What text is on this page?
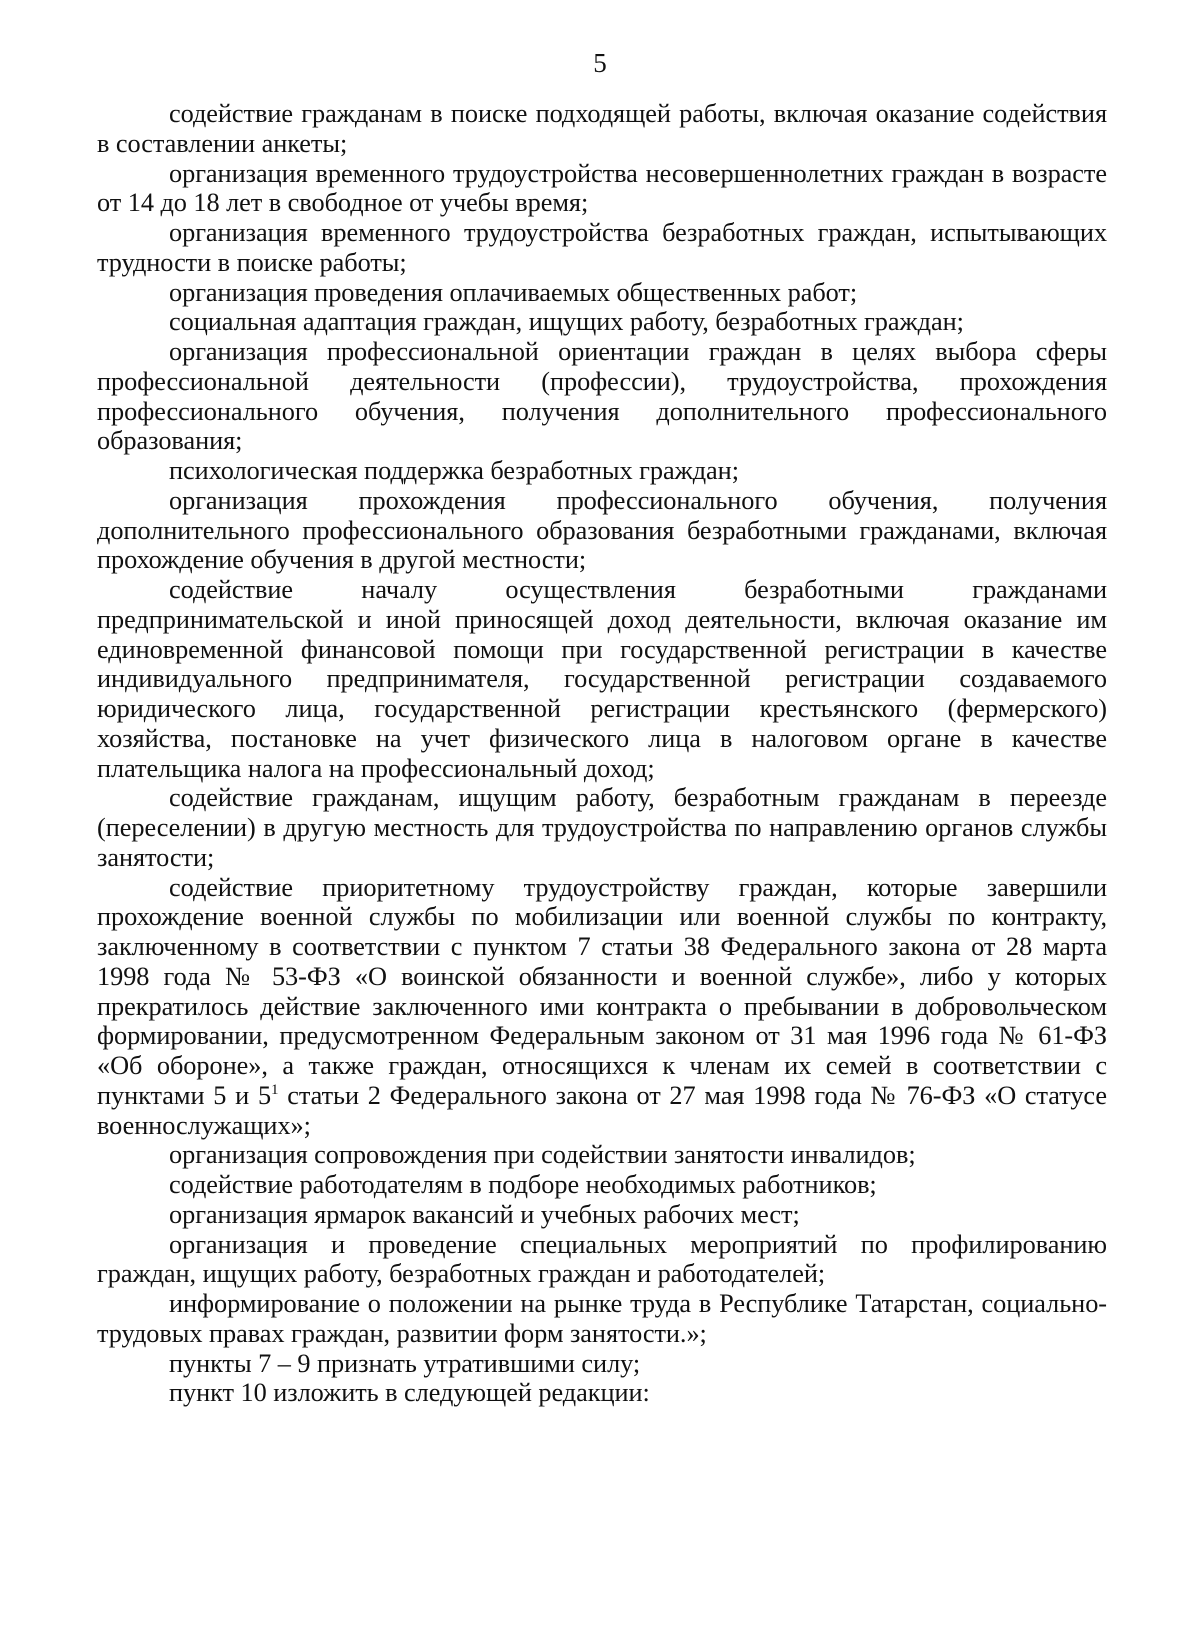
5

содействие гражданам в поиске подходящей работы, включая оказание содействия в составлении анкеты;

организация временного трудоустройства несовершеннолетних граждан в возрасте от 14 до 18 лет в свободное от учебы время;

организация временного трудоустройства безработных граждан, испытывающих трудности в поиске работы;

организация проведения оплачиваемых общественных работ;

социальная адаптация граждан, ищущих работу, безработных граждан;

организация профессиональной ориентации граждан в целях выбора сферы профессиональной деятельности (профессии), трудоустройства, прохождения профессионального обучения, получения дополнительного профессионального образования;

психологическая поддержка безработных граждан;

организация прохождения профессионального обучения, получения дополнительного профессионального образования безработными гражданами, включая прохождение обучения в другой местности;

содействие началу осуществления безработными гражданами предпринимательской и иной приносящей доход деятельности, включая оказание им единовременной финансовой помощи при государственной регистрации в качестве индивидуального предпринимателя, государственной регистрации создаваемого юридического лица, государственной регистрации крестьянского (фермерского) хозяйства, постановке на учет физического лица в налоговом органе в качестве плательщика налога на профессиональный доход;

содействие гражданам, ищущим работу, безработным гражданам в переезде (переселении) в другую местность для трудоустройства по направлению органов службы занятости;

содействие приоритетному трудоустройству граждан, которые завершили прохождение военной службы по мобилизации или военной службы по контракту, заключенному в соответствии с пунктом 7 статьи 38 Федерального закона от 28 марта 1998 года № 53-ФЗ «О воинской обязанности и военной службе», либо у которых прекратилось действие заключенного ими контракта о пребывании в добровольческом формировании, предусмотренном Федеральным законом от 31 мая 1996 года № 61-ФЗ «Об обороне», а также граждан, относящихся к членам их семей в соответствии с пунктами 5 и $5^1$ статьи 2 Федерального закона от 27 мая 1998 года № 76-ФЗ «О статусе военнослужащих»;

организация сопровождения при содействии занятости инвалидов;

содействие работодателям в подборе необходимых работников;

организация ярмарок вакансий и учебных рабочих мест;

организация и проведение специальных мероприятий по профилированию граждан, ищущих работу, безработных граждан и работодателей;

информирование о положении на рынке труда в Республике Татарстан, социально-трудовых правах граждан, развитии форм занятости.»;

пункты 7 – 9 признать утратившими силу;

пункт 10 изложить в следующей редакции:
